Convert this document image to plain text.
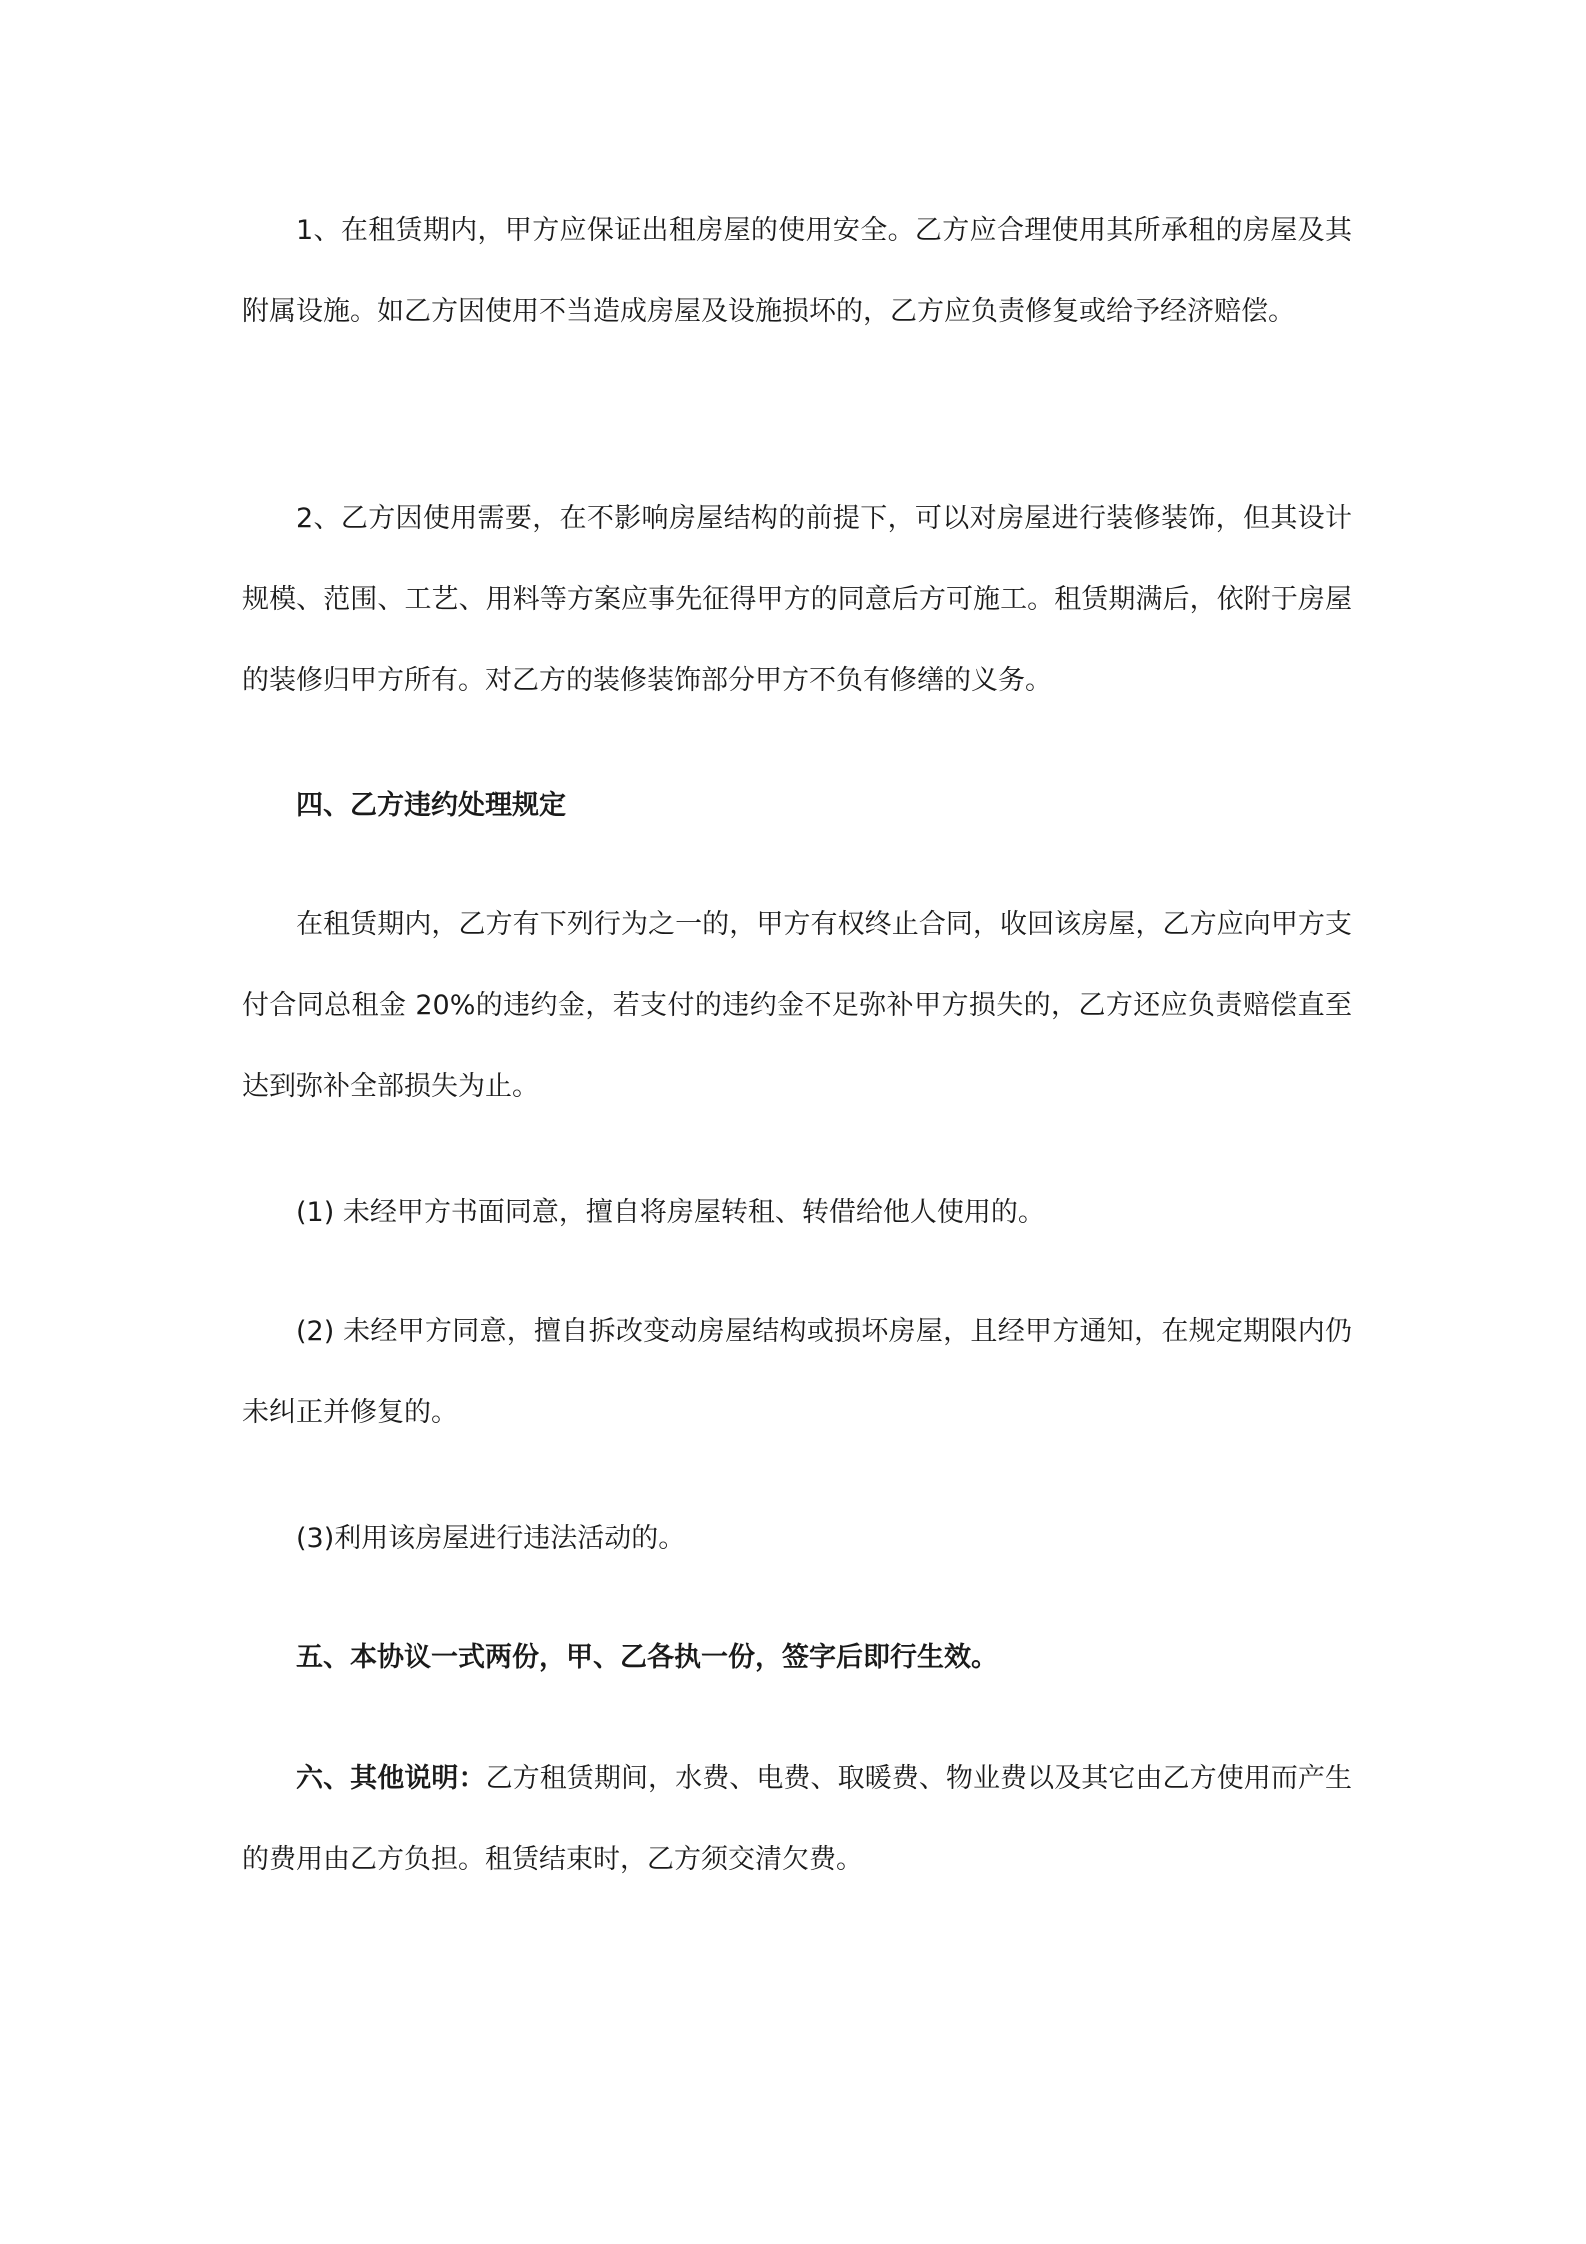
1、在租赁期内，甲方应保证出租房屋的使用安全。乙方应合理使用其所承租的房屋及其附属设施。如乙方因使用不当造成房屋及设施损坏的，乙方应负责修复或给予经济赔偿。

2、乙方因使用需要，在不影响房屋结构的前提下，可以对房屋进行装修装饰，但其设计规模、范围、工艺、用料等方案应事先征得甲方的同意后方可施工。租赁期满后，依附于房屋的装修归甲方所有。对乙方的装修装饰部分甲方不负有修缮的义务。

四、乙方违约处理规定

在租赁期内，乙方有下列行为之一的，甲方有权终止合同，收回该房屋，乙方应向甲方支付合同总租金 20%的违约金，若支付的违约金不足弥补甲方损失的，乙方还应负责赔偿直至达到弥补全部损失为止。

(1) 未经甲方书面同意，擅自将房屋转租、转借给他人使用的。

(2) 未经甲方同意，擅自拆改变动房屋结构或损坏房屋，且经甲方通知，在规定期限内仍未纠正并修复的。

(3)利用该房屋进行违法活动的。

五、本协议一式两份，甲、乙各执一份，签字后即行生效。

六、其他说明：乙方租赁期间，水费、电费、取暖费、物业费以及其它由乙方使用而产生的费用由乙方负担。租赁结束时，乙方须交清欠费。
